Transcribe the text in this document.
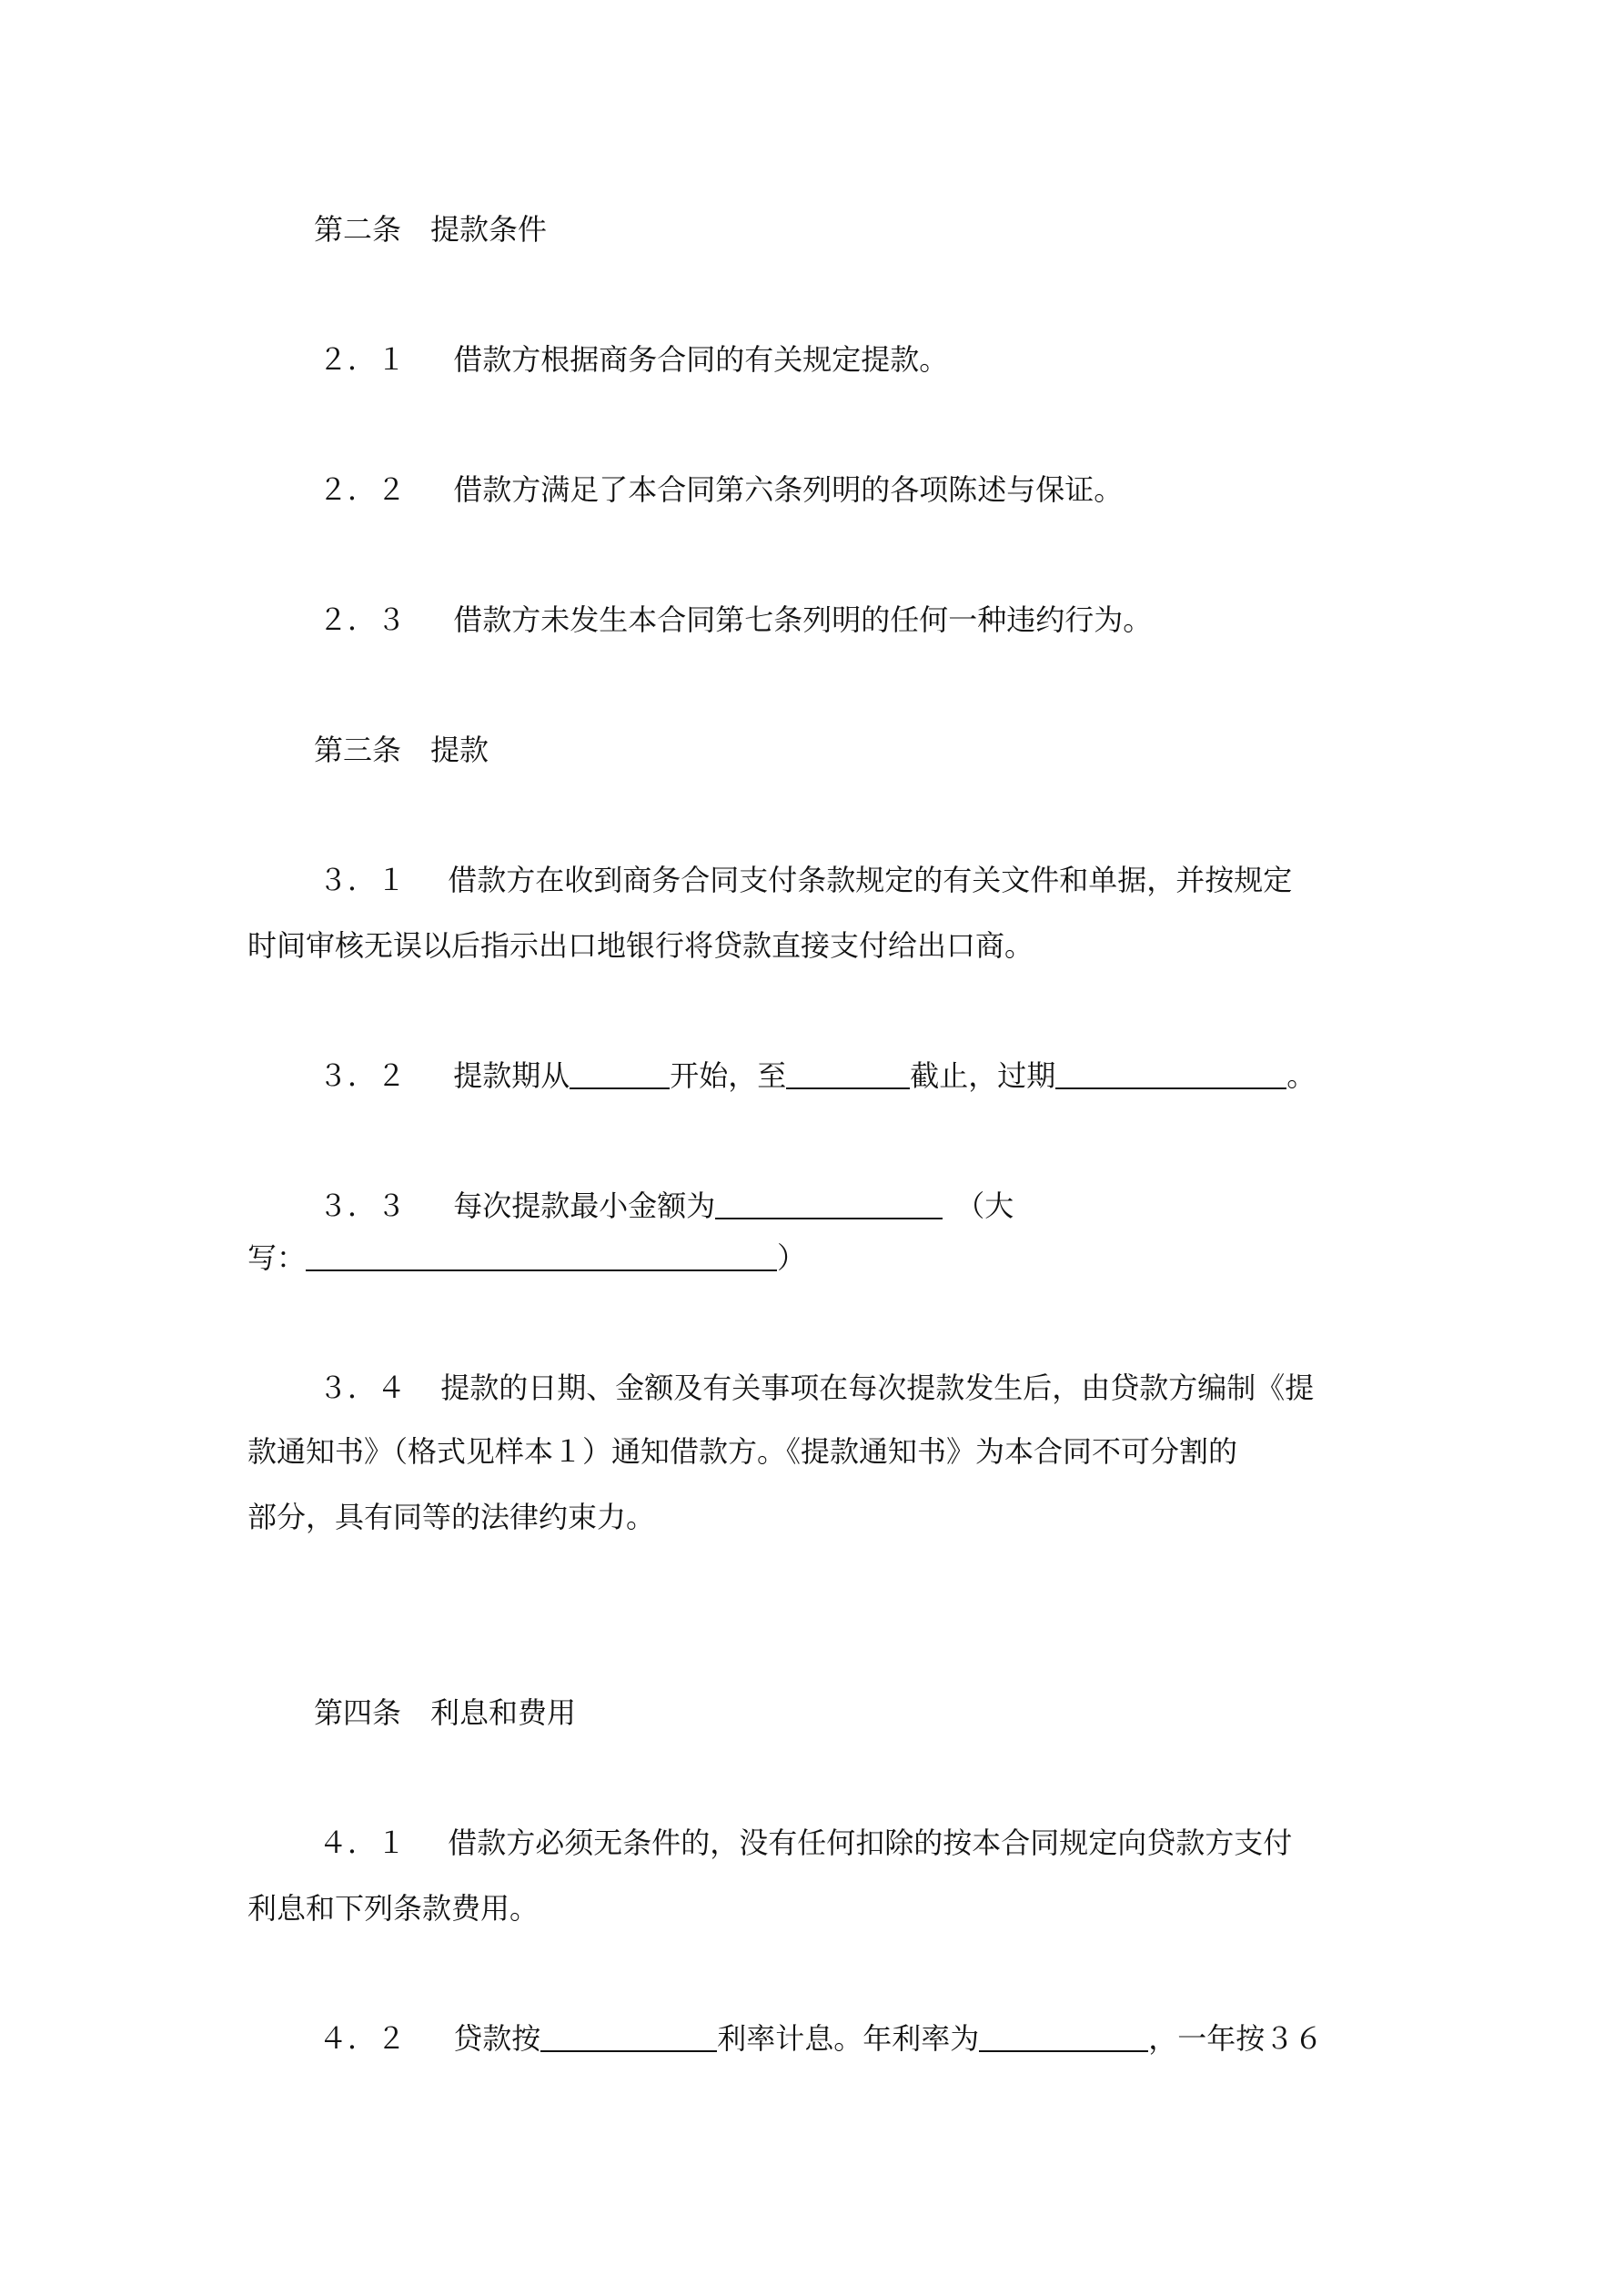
第二条　提款条件
２．１ 借款方根据商务合同的有关规定提款。
２．２ 借款方满足了本合同第六条列明的各项陈述与保证。
２．３ 借款方未发生本合同第七条列明的任何一种违约行为。
第三条　提款
３．１ 借款方在收到商务合同支付条款规定的有关文件和单据，并按规定
时间审核无误以后指示出口地银行将贷款直接支付给出口商。
３．２ 提款期从	开始，至	截止，过期	。
３．３ 每次提款最小金额为	（大
写：	）
３．４ 提款的日期、金额及有关事项在每次提款发生后，由贷款方编制《提
款通知书》（格式见样本１）通知借款方。《提款通知书》为本合同不可分割的
部分，具有同等的法律约束力。
第四条　利息和费用
４．１ 借款方必须无条件的，没有任何扣除的按本合同规定向贷款方支付
利息和下列条款费用。
４．２ 贷款按	利率计息。年利率为	，一年按３６
